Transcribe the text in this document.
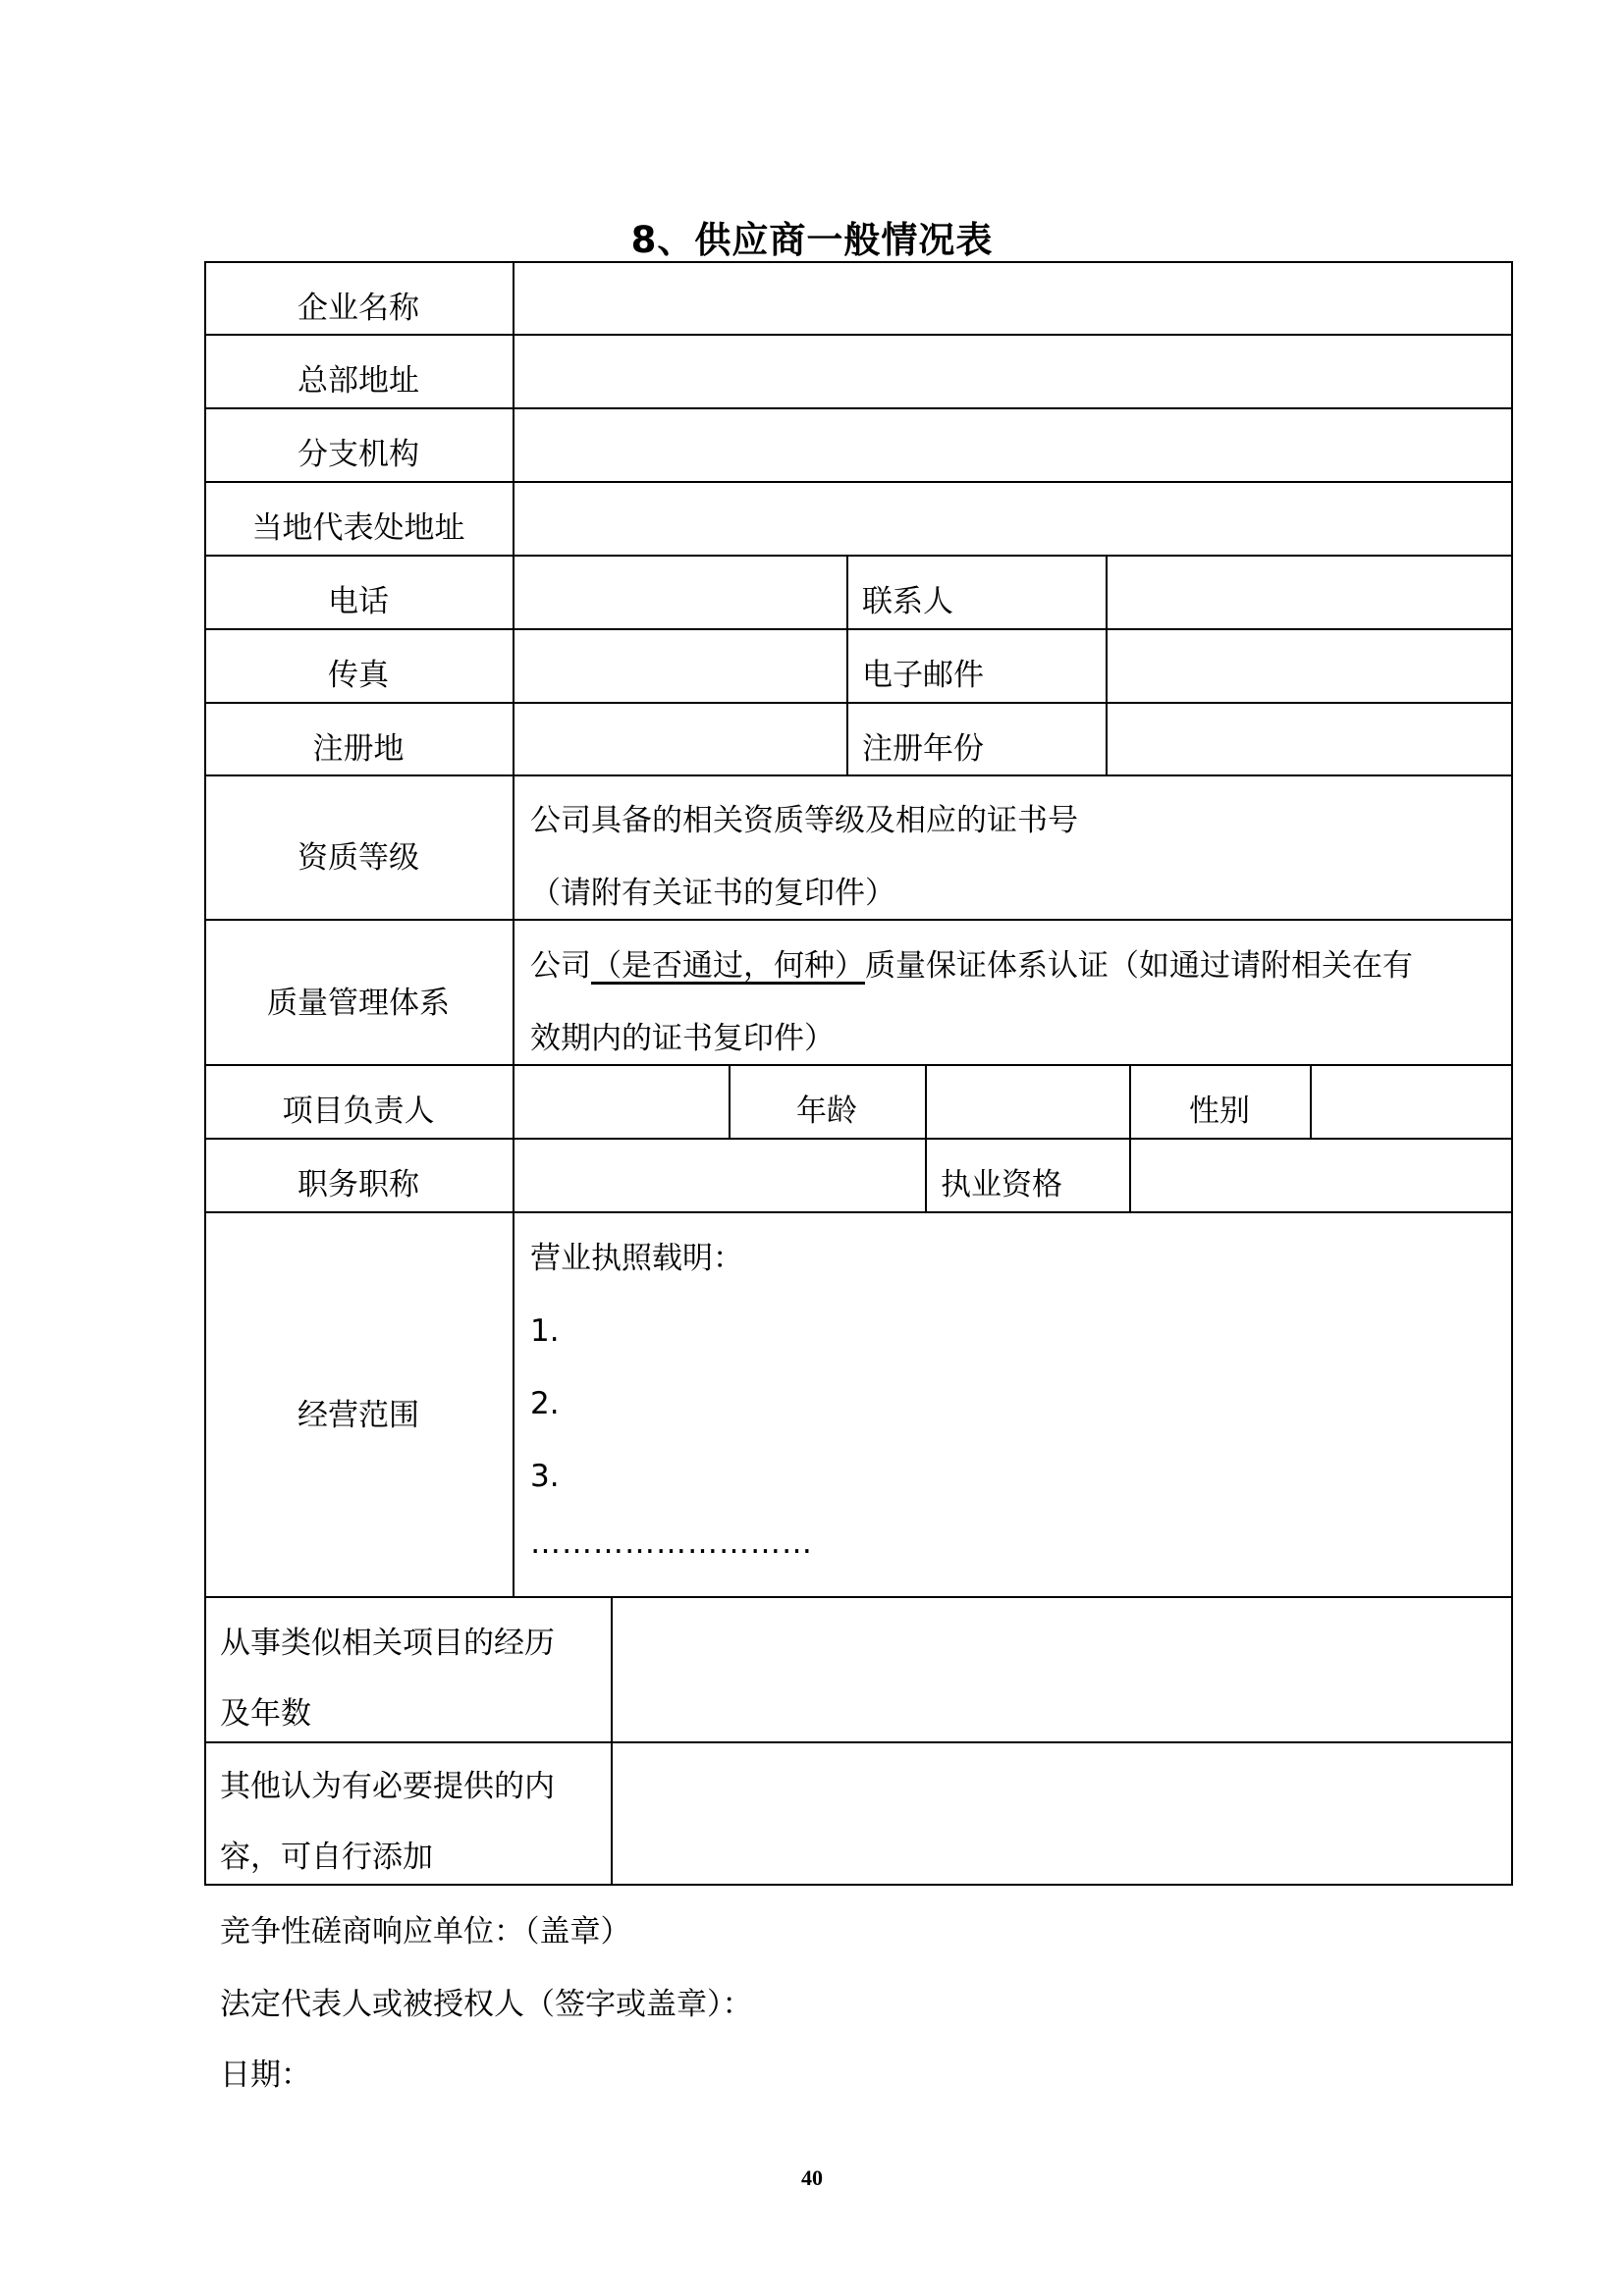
8、供应商一般情况表
企业名称
总部地址
分支机构
当地代表处地址
电话
传真
注册地
资质等级
质量管理体系
项目负责人
职务职称
经营范围
联系人
电子邮件
注册年份
年龄	性别
执业资格
公司具备的相关资质等级及相应的证书号
（请附有关证书的复印件）
公司（是否通过，何种）质量保证体系认证（如通过请附相关在有
效期内的证书复印件）
营业执照载明：
1.
2.
3.
………………………
从事类似相关项目的经历
及年数
其他认为有必要提供的内
容，可自行添加
竞争性磋商响应单位：（盖章）
法定代表人或被授权人（签字或盖章）：
日期：
40
